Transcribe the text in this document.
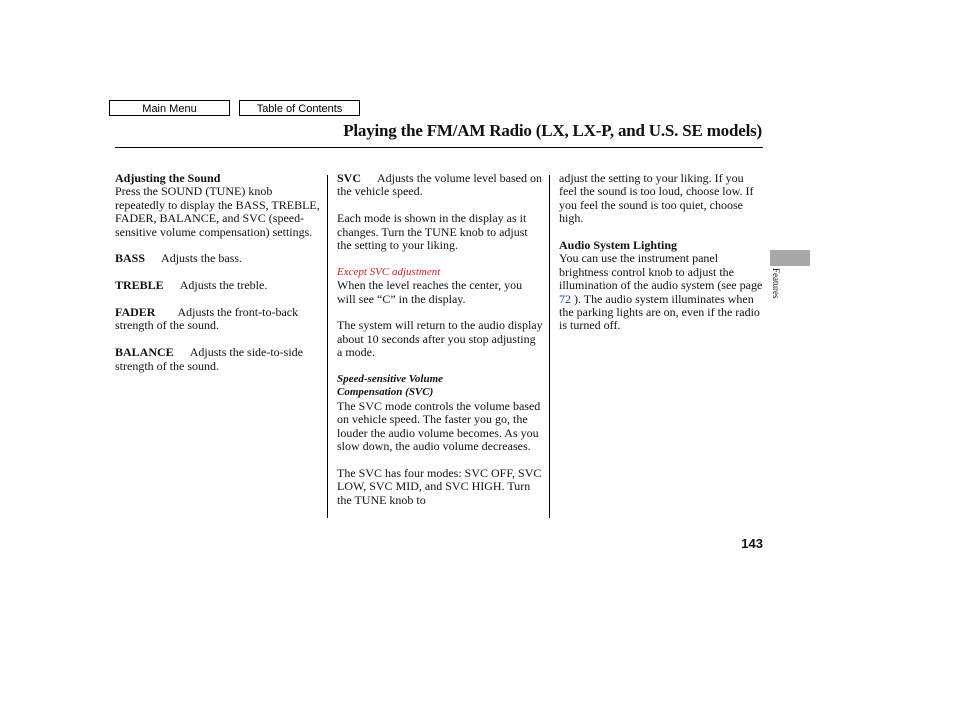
Main Menu	Table of Contents
Playing the FM/AM Radio (LX, LX-P, and U.S. SE models)
Adjusting the Sound

Press the SOUND (TUNE) knob repeatedly to display the BASS, TREBLE, FADER, BALANCE, and SVC (speed-sensitive volume compensation) settings.

BASS Adjusts the bass.

TREBLE Adjusts the treble.

FADER Adjusts the front-to-back strength of the sound.

BALANCE Adjusts the side-to-side strength of the sound.

SVC Adjusts the volume level based on the vehicle speed.

Each mode is shown in the display as it changes. Turn the TUNE knob to adjust the setting to your liking.

Except SVC adjustment

When the level reaches the center, you will see “C” in the display.

The system will return to the audio display about 10 seconds after you stop adjusting a mode.

Speed-sensitive Volume
Compensation (SVC)

The SVC mode controls the volume based on vehicle speed. The faster you go, the louder the audio volume becomes. As you slow down, the audio volume decreases.

The SVC has four modes: SVC OFF, SVC LOW, SVC MID, and SVC HIGH. Turn the TUNE knob to

adjust the setting to your liking. If you feel the sound is too loud, choose low. If you feel the sound is too quiet, choose high.

Audio System Lighting

You can use the instrument panel brightness control knob to adjust the illumination of the audio system (see page 72 ). The audio system illuminates when the parking lights are on, even if the radio is turned off.

Features
143
